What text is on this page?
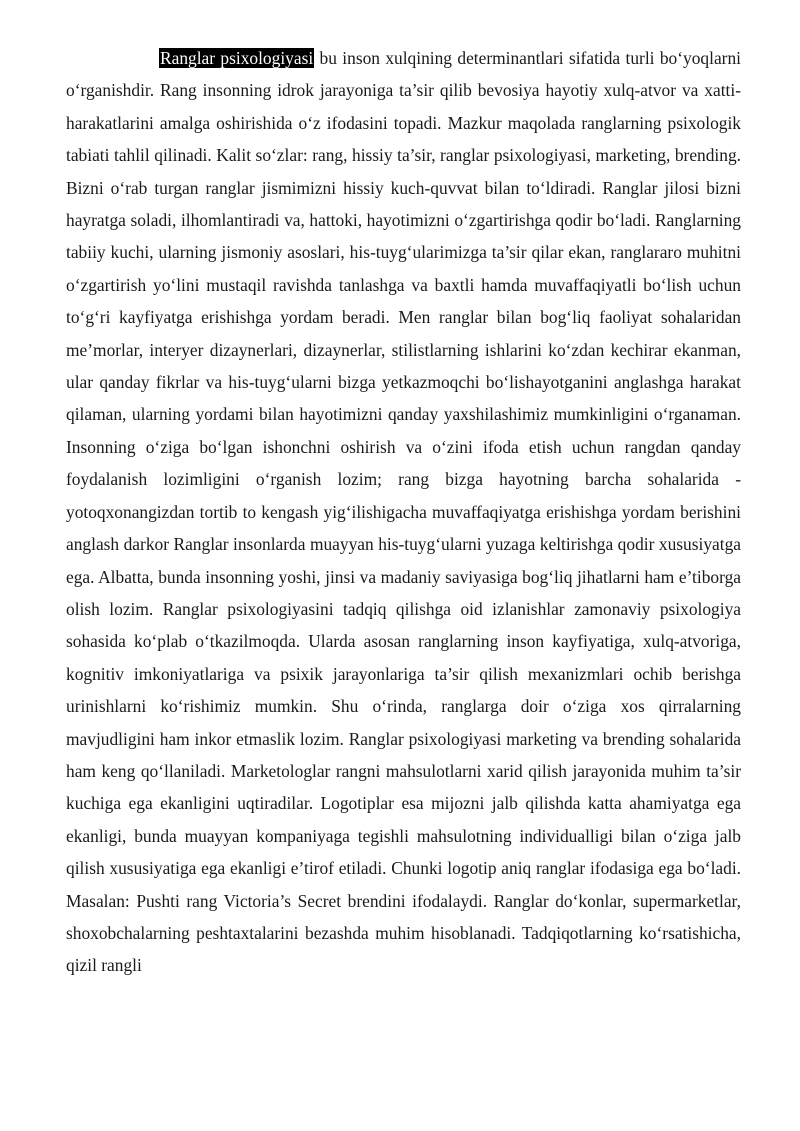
Ranglar psixologiyasi bu inson xulqining determinantlari sifatida turli bo‘yoqlarni o‘rganishdir. Rang insonning idrok jarayoniga ta’sir qilib bevosiya hayotiy xulq-atvor va xatti-harakatlarini amalga oshirishida o‘z ifodasini topadi. Mazkur maqolada ranglarning psixologik tabiati tahlil qilinadi. Kalit so‘zlar: rang, hissiy ta’sir, ranglar psixologiyasi, marketing, brending. Bizni o‘rab turgan ranglar jismimizni hissiy kuch-quvvat bilan to‘ldiradi. Ranglar jilosi bizni hayratga soladi, ilhomlantiradi va, hattoki, hayotimizni o‘zgartirishga qodir bo‘ladi. Ranglarning tabiiy kuchi, ularning jismoniy asoslari, his-tuyg‘ularimizga ta’sir qilar ekan, ranglararo muhitni o‘zgartirish yo‘lini mustaqil ravishda tanlashga va baxtli hamda muvaffaqiyatli bo‘lish uchun to‘g‘ri kayfiyatga erishishga yordam beradi. Men ranglar bilan bog‘liq faoliyat sohalaridan me’morlar, interyer dizaynerlari, dizaynerlar, stilistlarning ishlarini ko‘zdan kechirar ekanman, ular qanday fikrlar va his-tuyg‘ularni bizga yetkazmoqchi bo‘lishayotganini anglashga harakat qilaman, ularning yordami bilan hayotimizni qanday yaxshilashimiz mumkinligini o‘rganaman. Insonning o‘ziga bo‘lgan ishonchni oshirish va o‘zini ifoda etish uchun rangdan qanday foydalanish lozimligini o‘rganish lozim; rang bizga hayotning barcha sohalarida - yotoqxonangizdan tortib to kengash yig‘ilishigacha muvaffaqiyatga erishishga yordam berishini anglash darkor Ranglar insonlarda muayyan his-tuyg‘ularni yuzaga keltirishga qodir xususiyatga ega. Albatta, bunda insonning yoshi, jinsi va madaniy saviyasiga bog‘liq jihatlarni ham e’tiborga olish lozim. Ranglar psixologiyasini tadqiq qilishga oid izlanishlar zamonaviy psixologiya sohasida ko‘plab o‘tkazilmoqda. Ularda asosan ranglarning inson kayfiyatiga, xulq-atvoriga, kognitiv imkoniyatlariga va psixik jarayonlariga ta’sir qilish mexanizmlari ochib berishga urinishlarni ko‘rishimiz mumkin. Shu o‘rinda, ranglarga doir o‘ziga xos qirralarning mavjudligini ham inkor etmaslik lozim. Ranglar psixologiyasi marketing va brending sohalarida ham keng qo‘llaniladi. Marketologlar rangni mahsulotlarni xarid qilish jarayonida muhim ta’sir kuchiga ega ekanligini uqtiradilar. Logotiplar esa mijozni jalb qilishda katta ahamiyatga ega ekanligi, bunda muayyan kompaniyaga tegishli mahsulotning individualligi bilan o‘ziga jalb qilish xususiyatiga ega ekanligi e’tirof etiladi. Chunki logotip aniq ranglar ifodasiga ega bo‘ladi. Masalan: Pushti rang Victoria’s Secret brendini ifodalaydi. Ranglar do‘konlar, supermarketlar, shoxobchalarning peshtaxtalarini bezashda muhim hisoblanadi. Tadqiqotlarning ko‘rsatishicha, qizil rangli
